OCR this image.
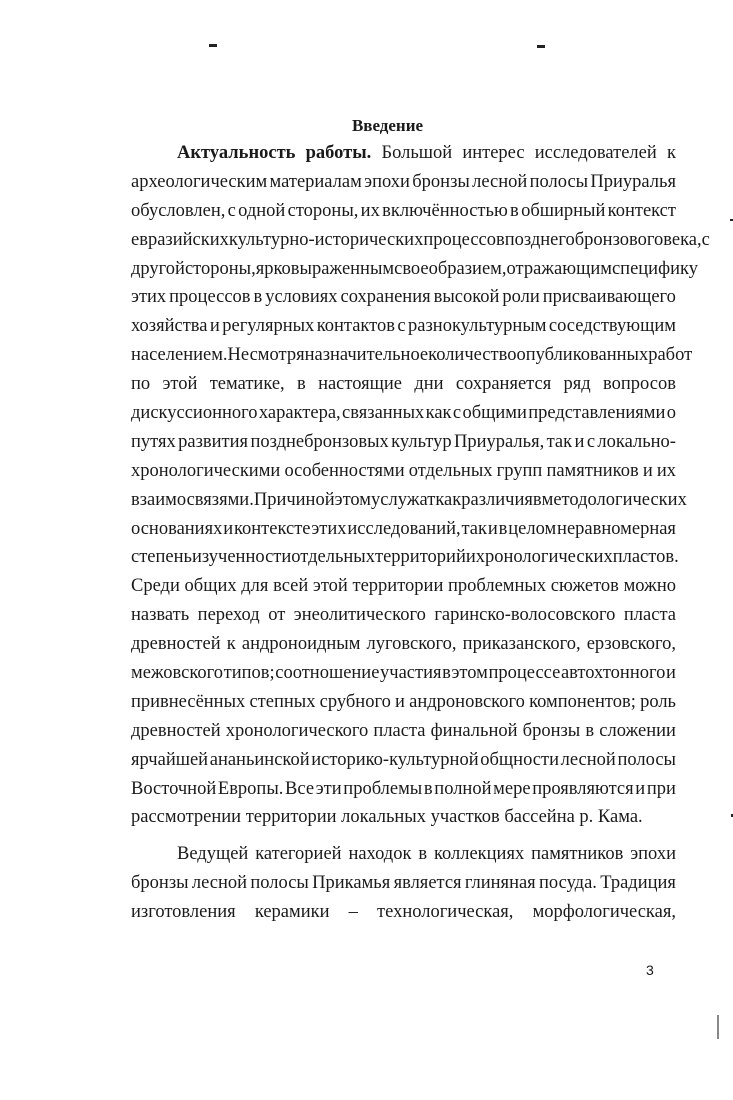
Введение
Актуальность работы. Большой интерес исследователей к
археологическим материалам эпохи бронзы лесной полосы Приуралья
обусловлен, с одной стороны, их включённостью в обширный контекст
евразийских культурно-исторических процессов позднего бронзового века, с
другой стороны, ярко выраженным своеобразием, отражающим специфику
этих процессов в условиях сохранения высокой роли присваивающего
хозяйства и регулярных контактов с разнокультурным соседствующим
населением. Несмотря на значительное количество опубликованных работ
по этой тематике, в настоящие дни сохраняется ряд вопросов
дискуссионного характера, связанных как с общими представлениями о
путях развития позднебронзовых культур Приуралья, так и с локально-
хронологическими особенностями отдельных групп памятников и их
взаимосвязями. Причиной этому служат как различия в методологических
основаниях и контексте этих исследований, так и в целом неравномерная
степень изученности отдельных территорий и хронологических пластов.
Среди общих для всей этой территории проблемных сюжетов можно
назвать переход от энеолитического гаринско-волосовского пласта
древностей к андроноидным луговского, приказанского, ерзовского,
межовского типов; соотношение участия в этом процессе автохтонного и
привнесённых степных срубного и андроновского компонентов; роль
древностей хронологического пласта финальной бронзы в сложении
ярчайшей ананьинской историко-культурной общности лесной полосы
Восточной Европы. Все эти проблемы в полной мере проявляются и при
рассмотрении территории локальных участков бассейна р. Кама.
Ведущей категорией находок в коллекциях памятников эпохи
бронзы лесной полосы Прикамья является глиняная посуда. Традиция
изготовления керамики – технологическая, морфологическая,
3
